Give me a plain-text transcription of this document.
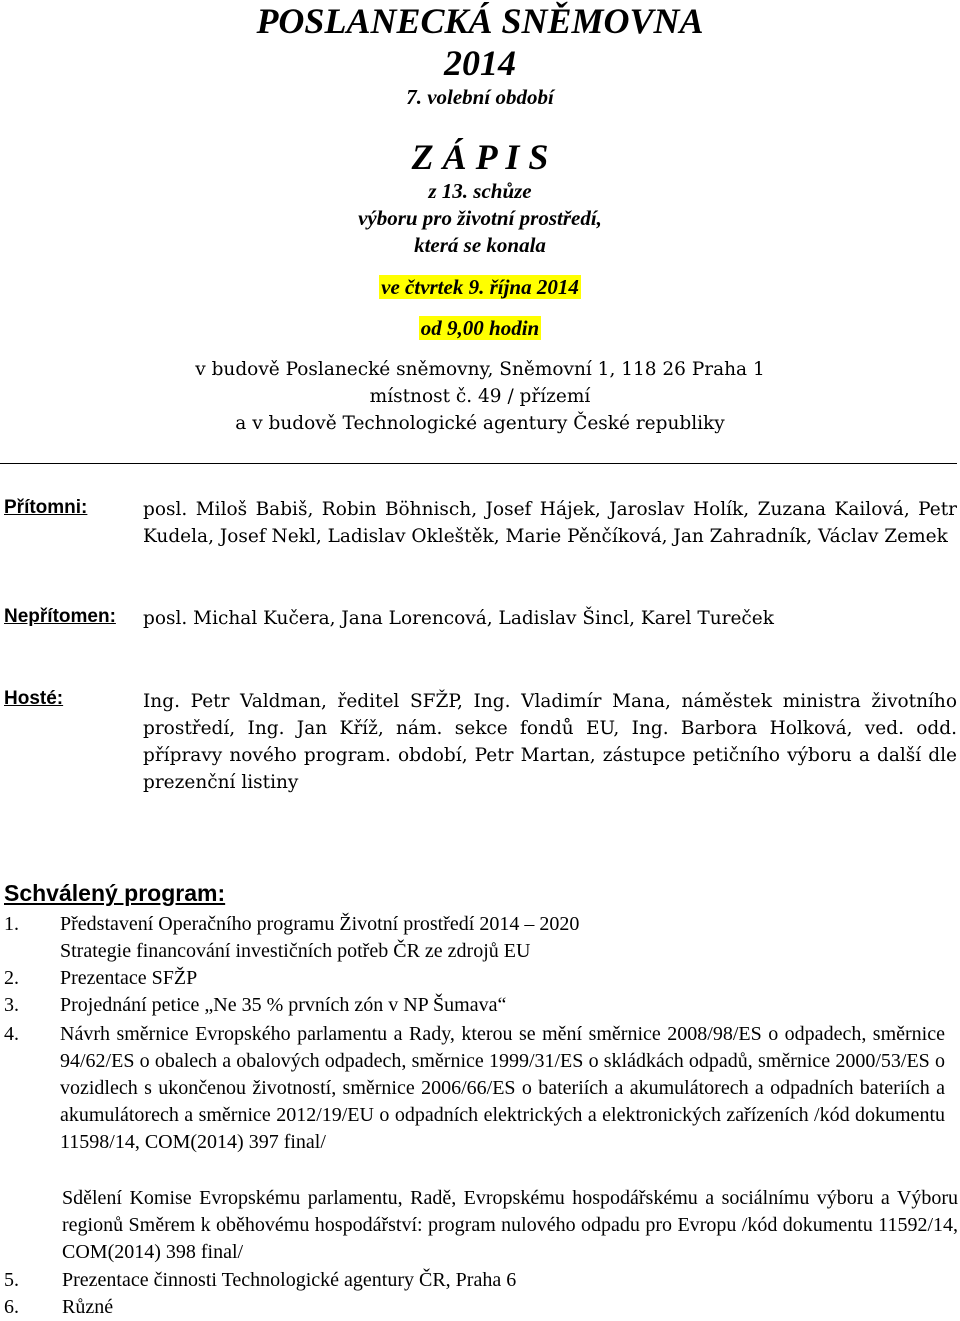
POSLANECKÁ SNĚMOVNA
2014
7. volební období
Z Á P I S
z 13. schůze
výboru pro životní prostředí,
která se konala
ve čtvrtek 9. října 2014
od 9,00 hodin
v budově Poslanecké sněmovny, Sněmovní 1, 118 26 Praha 1
místnost č. 49 / přízemí
a v budově Technologické agentury České republiky
Přítomni:	posl. Miloš Babiš, Robin Böhnisch, Josef Hájek, Jaroslav Holík, Zuzana Kailová, Petr Kudela, Josef Nekl, Ladislav Okleštěk, Marie Pěnčíková, Jan Zahradník, Václav Zemek
Nepřítomen: posl. Michal Kučera, Jana Lorencová, Ladislav Šincl, Karel Tureček
Hosté:	Ing. Petr Valdman, ředitel SFŽP, Ing. Vladimír Mana, náměstek ministra životního prostředí, Ing. Jan Kříž, nám. sekce fondů EU, Ing. Barbora Holková, ved. odd. přípravy nového program. období, Petr Martan, zástupce petičního výboru a další dle prezenční listiny
Schválený program:
1. Představení Operačního programu Životní prostředí 2014 – 2020
Strategie financování investičních potřeb ČR ze zdrojů EU
2. Prezentace SFŽP
3. Projednání petice „Ne 35 % prvních zón v NP Šumava“
4. Návrh směrnice Evropského parlamentu a Rady, kterou se mění směrnice 2008/98/ES o odpadech, směrnice 94/62/ES o obalech a obalových odpadech, směrnice 1999/31/ES o skládkách odpadů, směrnice 2000/53/ES o vozidlech s ukončenou životností, směrnice 2006/66/ES o bateriích a akumulátorech a odpadních bateriích a akumulátorech a směrnice 2012/19/EU o odpadních elektrických a elektronických zařízeních /kód dokumentu 11598/14, COM(2014) 397 final/
Sdělení Komise Evropskému parlamentu, Radě, Evropskému hospodářskému a sociálnímu výboru a Výboru regionů Směrem k oběhovému hospodářství: program nulového odpadu pro Evropu /kód dokumentu 11592/14, COM(2014) 398 final/
5. Prezentace činnosti Technologické agentury ČR, Praha 6
6. Různé
